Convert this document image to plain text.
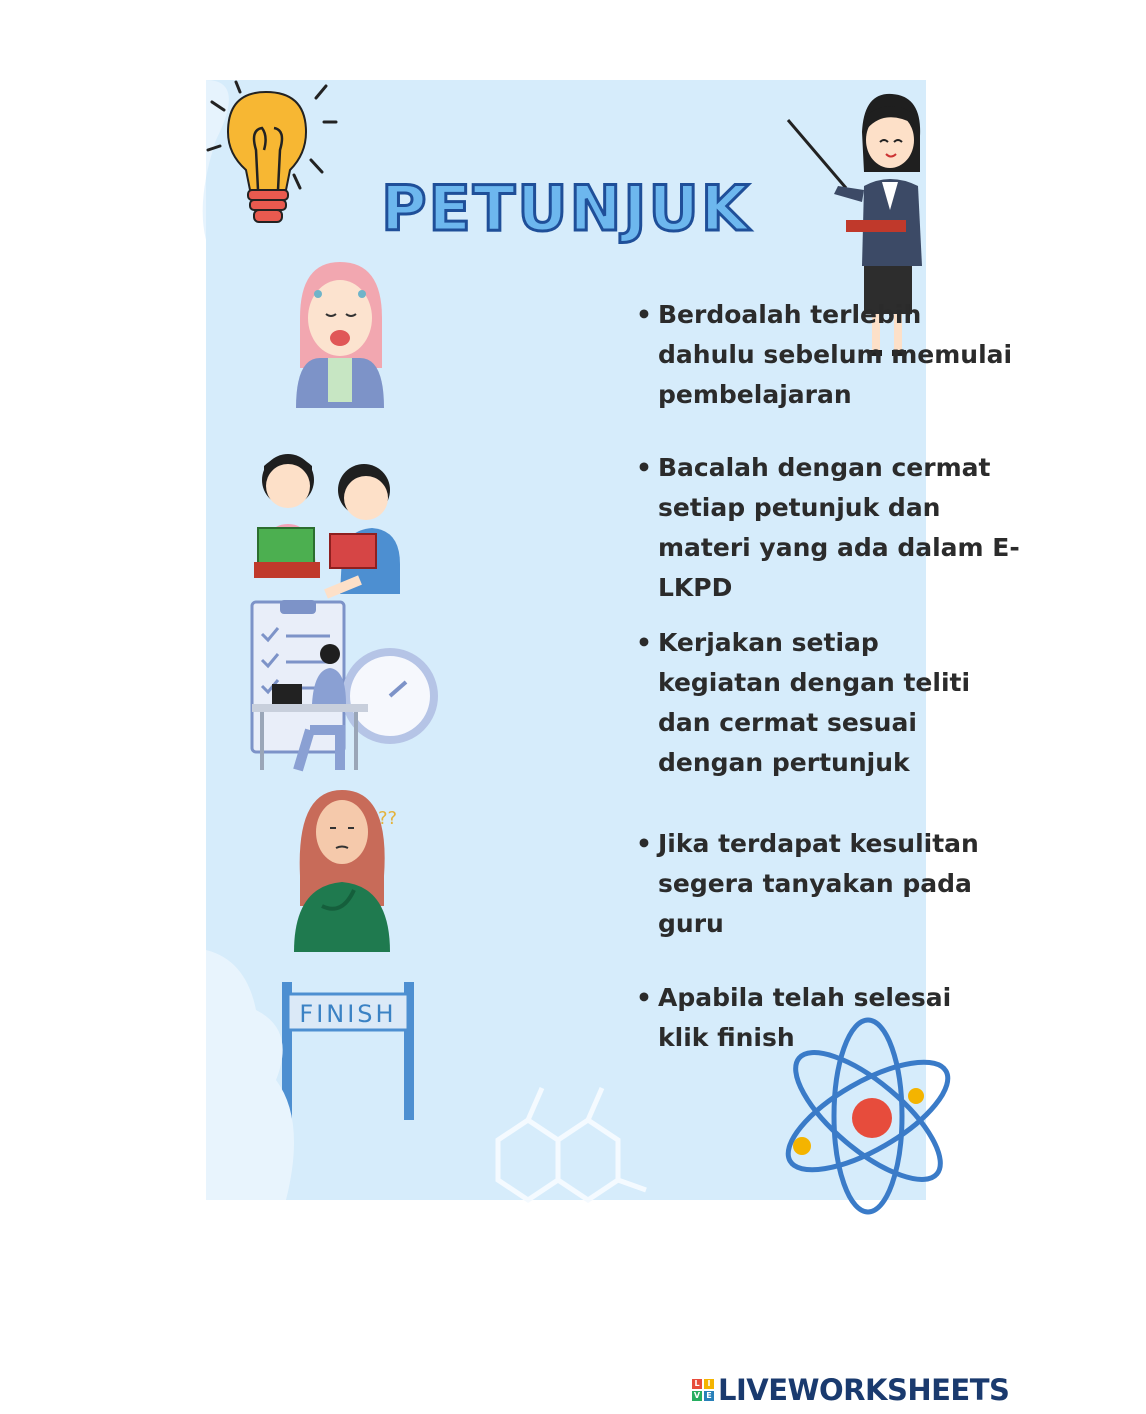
PETUNJUK
??
FINISH
• Berdoalah terlebih dahulu sebelum memulai pembelajaran
• Bacalah dengan cermat setiap petunjuk dan materi yang ada dalam E-LKPD
• Kerjakan setiap kegiatan dengan teliti dan cermat sesuai dengan pertunjuk
• Jika terdapat kesulitan segera tanyakan pada guru
• Apabila telah selesai klik finish
L I
V E LIVEWORKSHEETS
